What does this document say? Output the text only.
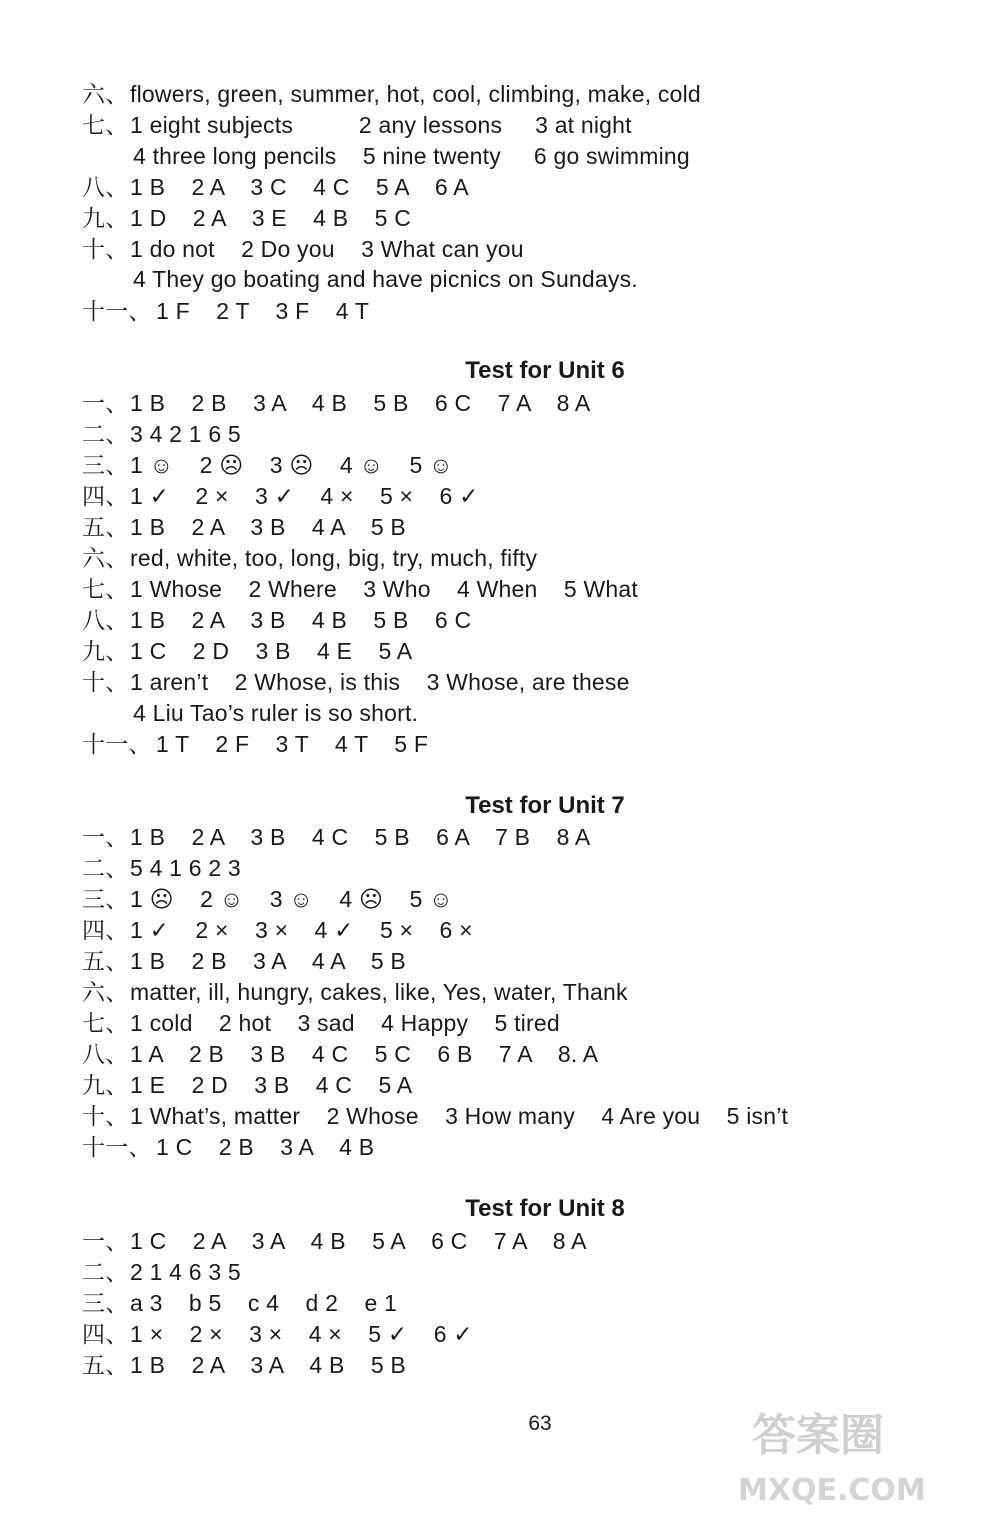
六、flowers, green, summer, hot, cool, climbing, make, cold
七、1 eight subjects          2 any lessons     3 at night
4 three long pencils    5 nine twenty     6 go swimming
八、1 B    2 A    3 C    4 C    5 A    6 A
九、1 D    2 A    3 E    4 B    5 C
十、1 do not    2 Do you    3 What can you
4 They go boating and have picnics on Sundays.
十一、 1 F    2 T    3 F    4 T
Test for Unit 6
一、1 B    2 B    3 A    4 B    5 B    6 C    7 A    8 A
二、3 4 2 1 6 5
三、1 ☺    2 ☹    3 ☹    4 ☺    5 ☺
四、1 ✓    2 ×    3 ✓    4 ×    5 ×    6 ✓
五、1 B    2 A    3 B    4 A    5 B
六、red, white, too, long, big, try, much, fifty
七、1 Whose    2 Where    3 Who    4 When    5 What
八、1 B    2 A    3 B    4 B    5 B    6 C
九、1 C    2 D    3 B    4 E    5 A
十、1 aren’t    2 Whose, is this    3 Whose, are these
4 Liu Tao’s ruler is so short.
十一、 1 T    2 F    3 T    4 T    5 F
Test for Unit 7
一、1 B    2 A    3 B    4 C    5 B    6 A    7 B    8 A
二、5 4 1 6 2 3
三、1 ☹    2 ☺    3 ☺    4 ☹    5 ☺
四、1 ✓    2 ×    3 ×    4 ✓    5 ×    6 ×
五、1 B    2 B    3 A    4 A    5 B
六、matter, ill, hungry, cakes, like, Yes, water, Thank
七、1 cold    2 hot    3 sad    4 Happy    5 tired
八、1 A    2 B    3 B    4 C    5 C    6 B    7 A    8. A
九、1 E    2 D    3 B    4 C    5 A
十、1 What’s, matter    2 Whose    3 How many    4 Are you    5 isn’t
十一、 1 C    2 B    3 A    4 B
Test for Unit 8
一、1 C    2 A    3 A    4 B    5 A    6 C    7 A    8 A
二、2 1 4 6 3 5
三、a 3    b 5    c 4    d 2    e 1
四、1 ×    2 ×    3 ×    4 ×    5 ✓    6 ✓
五、1 B    2 A    3 A    4 B    5 B
63	答案圈
MXQE.COM
